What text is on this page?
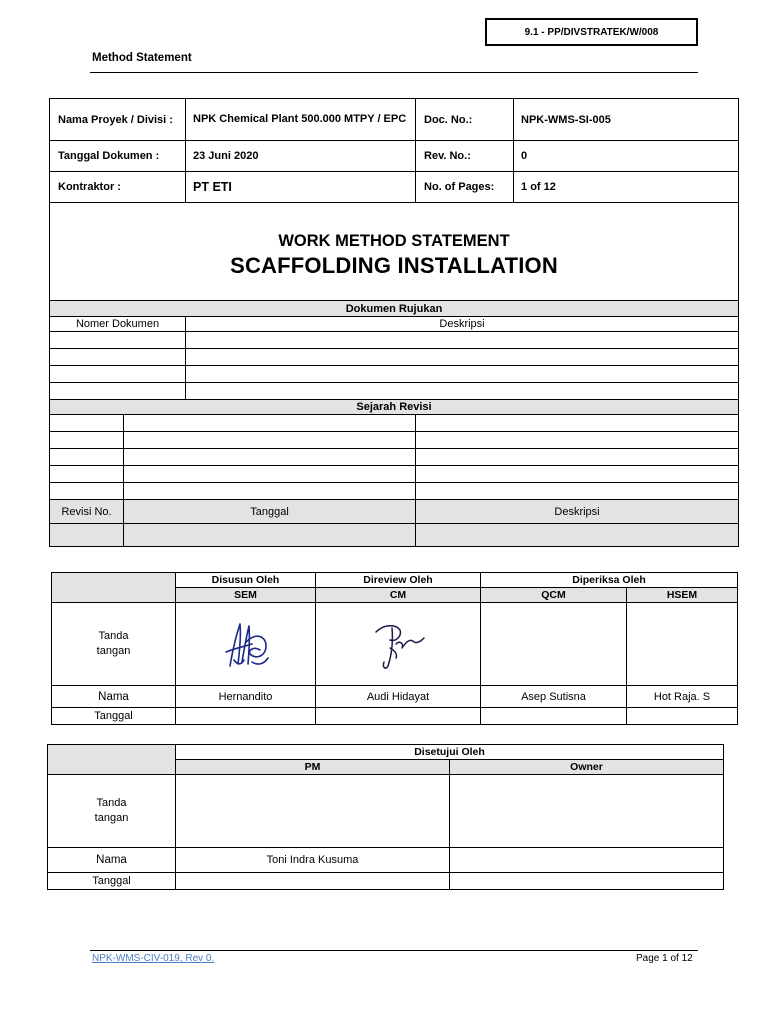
9.1 - PP/DIVSTRATEK/W/008
Method Statement
Nama Proyek / Divisi :		NPK Chemical Plant 500.000 MTPY / EPC	Doc. No.:	NPK-WMS-SI-005
Tanggal Dokumen :		23 Juni 2020	Rev. No.:	0
Kontraktor :		PT ETI	No. of Pages:	1 of 12

WORK METHOD STATEMENT
SCAFFOLDING INSTALLATION				

Dokumen Rujukan				
Nomer Dokumen		Deskripsi		

Sejarah Revisi				

Revisi No.	Tanggal		Deskripsi	

	Disusun Oleh	Direview Oleh	Diperiksa Oleh	
	SEM	CM	QCM	HSEM

Tanda
tangan

Nama	Hernandito	Audi Hidayat	Asep Sutisna	Hot Raja. S
Tanggal				
	Disetujui Oleh	
	PM	Owner

Tanda
tangan		

Nama	Toni Indra Kusuma	
Tanggal		
NPK-WMS-CIV-019, Rev 0.	Page 1 of 12
